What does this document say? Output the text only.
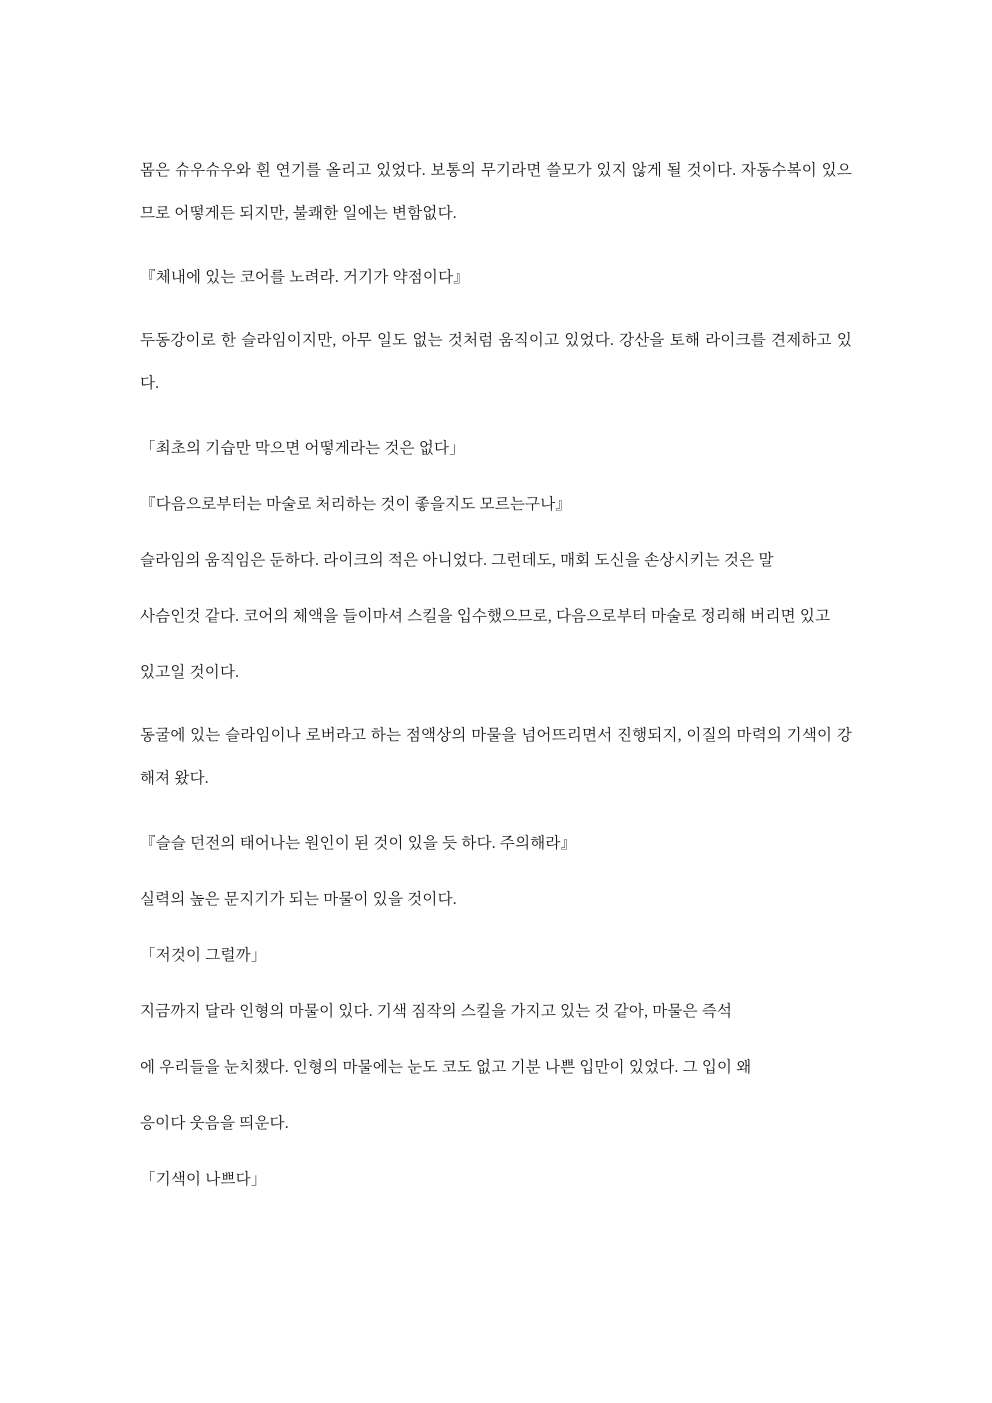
몸은 슈우슈우와 흰 연기를 올리고 있었다. 보통의 무기라면 쓸모가 있지 않게 될 것이다. 자동수복이 있으므로 어떻게든 되지만, 불쾌한 일에는 변함없다.

『체내에 있는 코어를 노려라. 거기가 약점이다』

두동강이로 한 슬라임이지만, 아무 일도 없는 것처럼 움직이고 있었다. 강산을 토해 라이크를 견제하고 있다.

「최초의 기습만 막으면 어떻게라는 것은 없다」

『다음으로부터는 마술로 처리하는 것이 좋을지도 모르는구나』

슬라임의 움직임은 둔하다. 라이크의 적은 아니었다. 그런데도, 매회 도신을 손상시키는 것은 말

사슴인것 같다. 코어의 체액을 들이마셔 스킬을 입수했으므로, 다음으로부터 마술로 정리해 버리면 있고

있고일 것이다.

동굴에 있는 슬라임이나 로버라고 하는 점액상의 마물을 넘어뜨리면서 진행되지, 이질의 마력의 기색이 강해져 왔다.

『슬슬 던전의 태어나는 원인이 된 것이 있을 듯 하다. 주의해라』

실력의 높은 문지기가 되는 마물이 있을 것이다.

「저것이 그럴까」

지금까지 달라 인형의 마물이 있다. 기색 짐작의 스킬을 가지고 있는 것 같아, 마물은 즉석

에 우리들을 눈치챘다. 인형의 마물에는 눈도 코도 없고 기분 나쁜 입만이 있었다. 그 입이 왜

응이다 웃음을 띄운다.

「기색이 나쁘다」
